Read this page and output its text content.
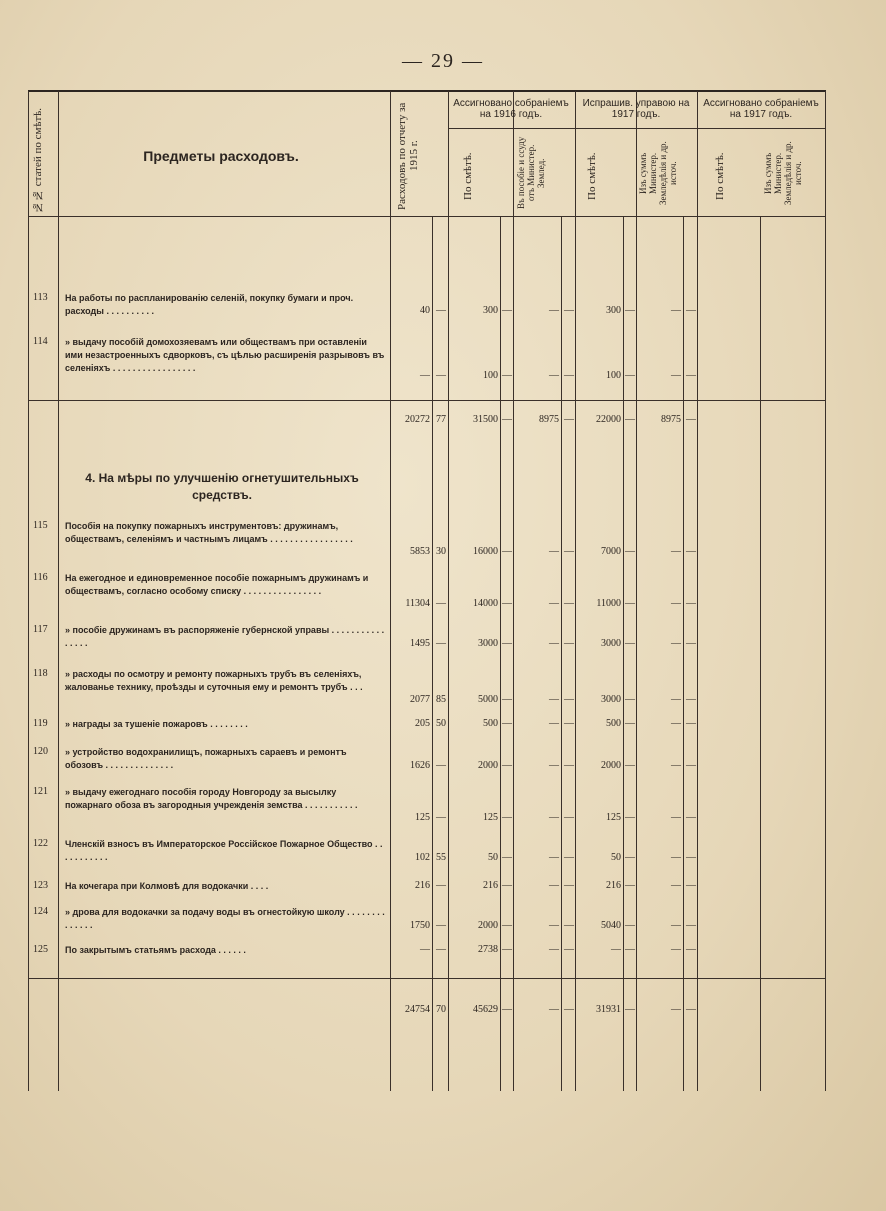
— 29 —
№№ статей по смѣтѣ.	Предметы расходовъ.	Расходовъ по отчету за 1915 г.
Ассигновано собраніемъ на 1916 годъ.
Испрашив. управою на 1917 годъ.
Ассигновано собраніемъ на 1917 годъ.
По смѣтѣ.	Въ пособіе и ссуду отъ Министер. Землед.	По смѣтѣ.	Изъ суммъ Министер. Земледѣлія и др. источ.	По смѣтѣ.	Изъ суммъ Министер. Земледѣлія и др. источ.
113 На работы по распланированію селеній, покупку бумаги и проч. расходы . . . . . . . . . .	40 —	300 —	— —	300 —	— —
114 » выдачу пособій домохозяевамъ или обществамъ при оставленіи ими незастроенныхъ сдворковъ, съ цѣлью расширенія разрывовъ въ селеніяхъ . . . . . . . . . . . . . . . . .
— —	100 —	— —	100 —	— —
20272 77	31500 —	8975 —	22000 —	8975 —
4. На мѣры по улучшенію огнетушительныхъ средствъ.
115 Пособія на покупку пожарныхъ инструментовъ: дружинамъ, обществамъ, селеніямъ и частнымъ лицамъ . . . . . . . . . . . . . . . . .
5853 30	16000 —	— —	7000 —	— —
116 На ежегодное и единовременное пособіе пожарнымъ дружинамъ и обществамъ, согласно особому списку . . . . . . . . . . . . . . . .
11304 —	14000 —	— —	11000 —	— —
117 » пособіе дружинамъ въ распоряженіе губернской управы . . . . . . . . . . . . . . . .	1495 —	3000 —	— —	3000 —	— —
118 » расходы по осмотру и ремонту пожарныхъ трубъ въ селеніяхъ, жалованье технику, проѣзды и суточныя ему и ремонтъ трубъ . . .
2077 85	5000 —	— —	3000 —	— —
119 » награды за тушеніе пожаровъ . . . . . . . .	205 50	500 —	— —	500 —	— —
120 » устройство водохранилищъ, пожарныхъ сараевъ и ремонтъ обозовъ . . . . . . . . . . . . . .	1626 —	2000 —	— —	2000 —	— —
121 » выдачу ежегоднаго пособія городу Новгороду за высылку пожарнаго обоза въ загородныя учрежденія земства . . . . . . . . . . .
125 —	125 —	— —	125 —	— —
122 Членскій взносъ въ Императорское Россійское Пожарное Общество . . . . . . . . . . .	102 55	50 —	— —	50 —	— —
123 На кочегара при Колмовѣ для водокачки . . . .	216 —	216 —	— —	216 —	— —
124 » дрова для водокачки за подачу воды въ огнестойкую школу . . . . . . . . . . . . . .	1750 —	2000 —	— —	5040 —	— —
125 По закрытымъ статьямъ расхода . . . . . .	— —	2738 —	— —	— —	— —
24754 70	45629 —	— —	31931 —	— —
